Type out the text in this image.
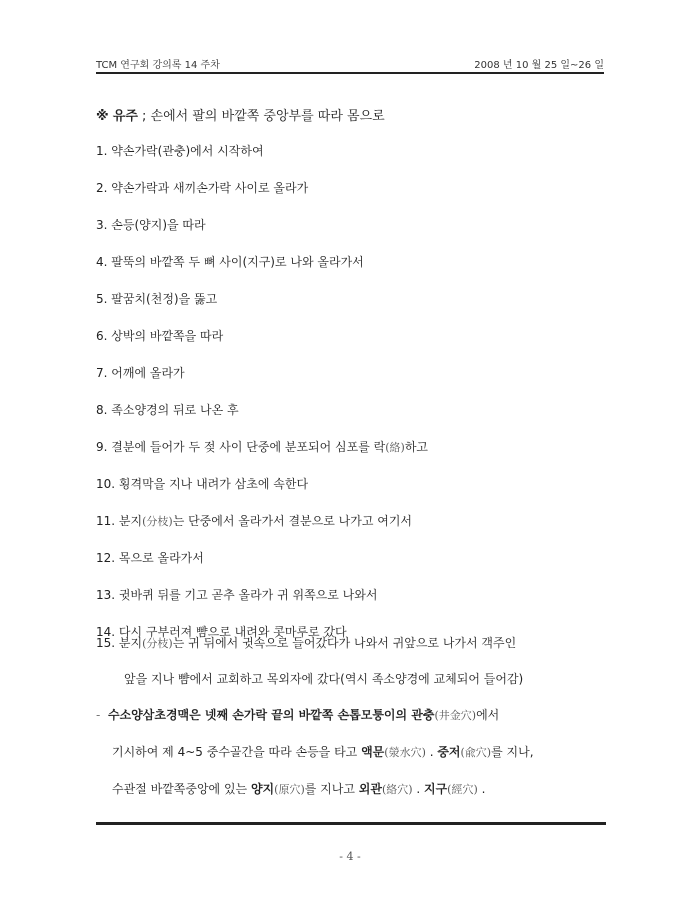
TCM 연구회 강의록 14 주차	2008 년 10 월 25 일~26 일
※ 유주 ; 손에서 팔의 바깥쪽 중앙부를 따라 몸으로
1. 약손가락(관충)에서 시작하여
2. 약손가락과 새끼손가락 사이로 올라가
3. 손등(양지)을 따라
4. 팔뚝의 바깥쪽 두 뼈 사이(지구)로 나와 올라가서
5. 팔꿈치(천정)을 뚫고
6. 상박의 바깥쪽을 따라
7. 어깨에 올라가
8. 족소양경의 뒤로 나온 후
9. 결분에 들어가 두 젖 사이 단중에 분포되어 심포를 락(絡)하고
10. 횡격막을 지나 내려가 삼초에 속한다
11. 분지(分枝)는 단중에서 올라가서 결분으로 나가고 여기서
12. 목으로 올라가서
13. 귓바퀴 뒤를 기고 곧추 올라가 귀 위쪽으로 나와서
14. 다시 구부러져 뺨으로 내려와 콧마루로 갔다
15. 분지(分枝)는 귀 뒤에서 귓속으로 들어갔다가 나와서 귀앞으로 나가서 객주인
앞을 지나 뺨에서 교회하고 목외자에 갔다(역시 족소양경에 교체되어 들어감)
- 수소양삼초경맥은 넷째 손가락 끝의 바깥쪽 손톱모퉁이의 관충(井金穴)에서
기시하여 제 4~5 중수골간을 따라 손등을 타고 액문(滎水穴) . 중저(兪穴)를 지나,
수관절 바깥쪽중앙에 있는 양지(原穴)를 지나고 외관(絡穴) . 지구(經穴) .
- 4 -
